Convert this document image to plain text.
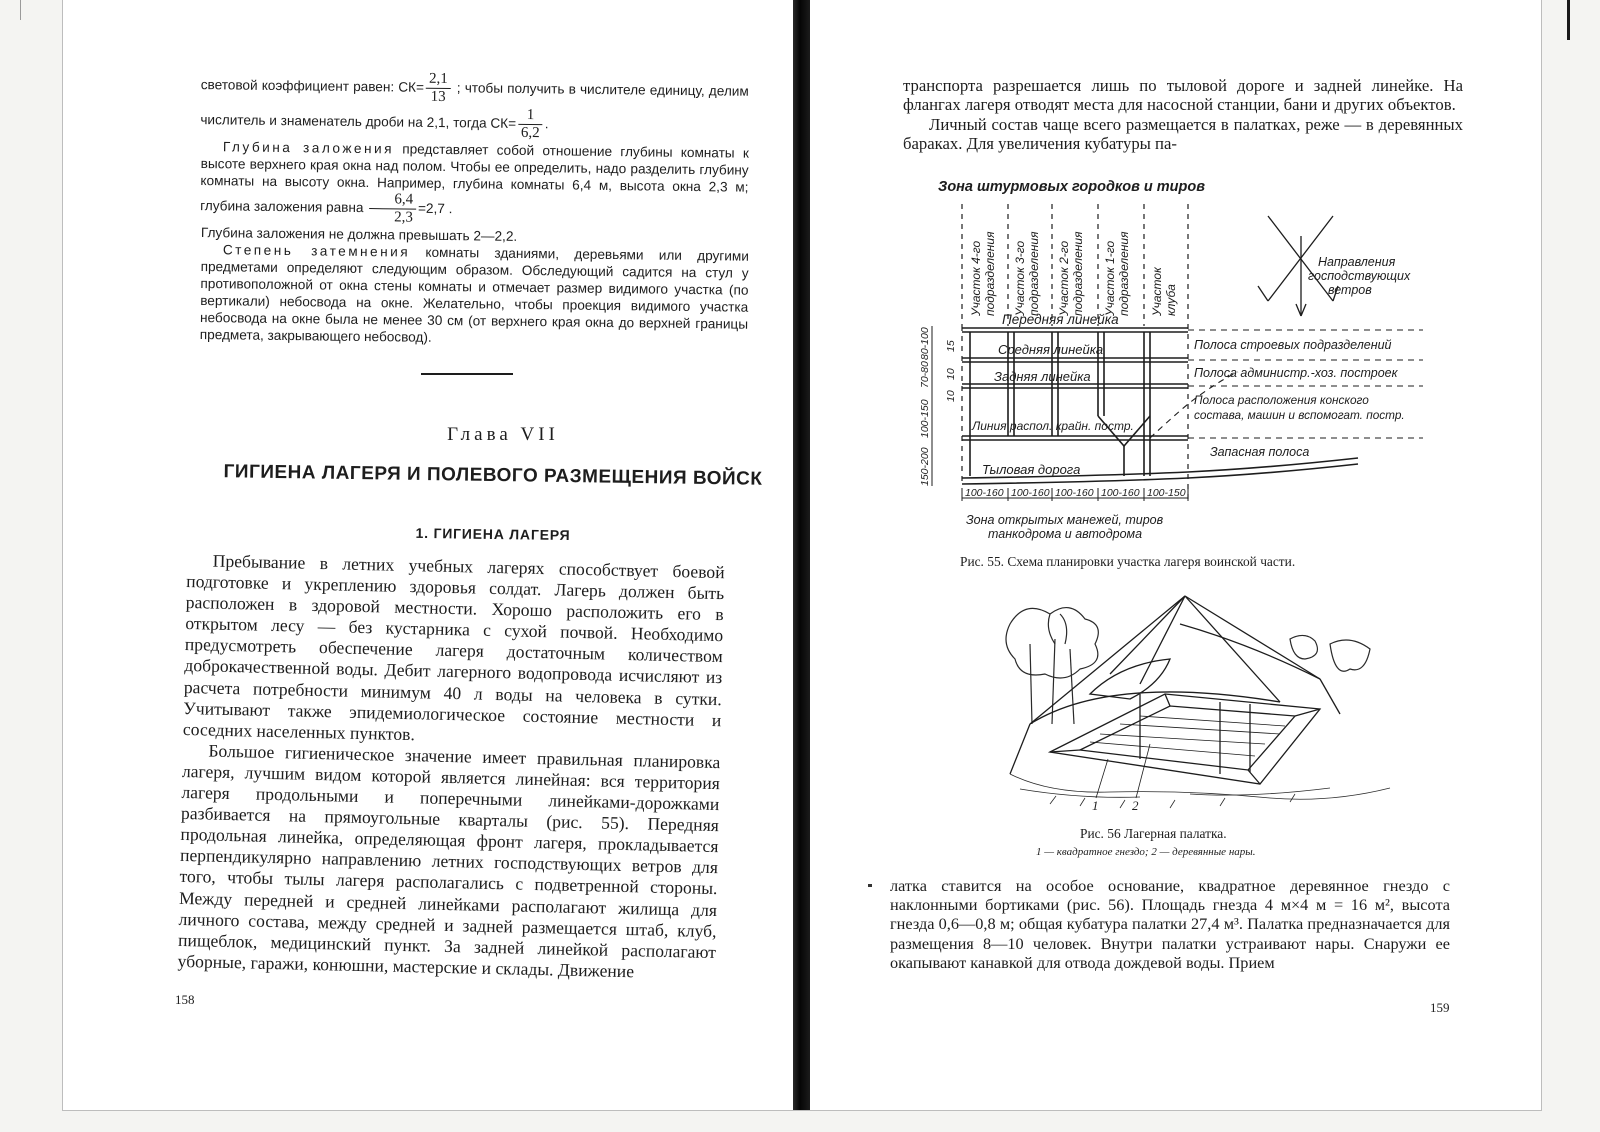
световой коэффициент равен: $СК= \frac{2,1}{13}$ ; чтобы получить в числителе единицу, делим числитель и знаменатель дроби на 2,1, тогда $СК= \frac{1}{6,2}$ .

Глубина заложения представляет собой отношение глубины комнаты к высоте верхнего края окна над полом. Чтобы ее определить, надо разделить глубину комнаты на высоту окна. Например, глубина комнаты 6,4 м, высота окна 2,3 м; глубина заложения равна $\frac{6,4}{2,3} =2,7$ .

Глубина заложения не должна превышать 2—2,2.

Степень затемнения комнаты зданиями, деревьями или другими предметами определяют следующим образом. Обследующий садится на стул у противоположной от окна стены комнаты и отмечает размер видимого участка (по вертикали) небосвода на окне. Желательно, чтобы проекция видимого участка небосвода на окне была не менее 30 см (от верхнего края окна до верхней границы предмета, закрывающего небосвод).

Глава VII

ГИГИЕНА ЛАГЕРЯ И ПОЛЕВОГО РАЗМЕЩЕНИЯ ВОЙСК

1. ГИГИЕНА ЛАГЕРЯ

Пребывание в летних учебных лагерях способствует боевой подготовке и укреплению здоровья солдат. Лагерь должен быть расположен в здоровой местности. Хорошо расположить его в открытом лесу — без кустарника с сухой почвой. Необходимо предусмотреть обеспечение лагеря достаточным количеством доброкачественной воды. Дебит лагерного водопровода исчисляют из расчета потребности минимум 40 л воды на человека в сутки. Учитывают также эпидемиологическое состояние местности и соседних населенных пунктов.

Большое гигиеническое значение имеет правильная планировка лагеря, лучшим видом которой является линейная: вся территория лагеря продольными и поперечными линейками-дорожками разбивается на прямоугольные кварталы (рис. 55). Передняя продольная линейка, определяющая фронт лагеря, прокладывается перпендикулярно направлению летних господствующих ветров для того, чтобы тылы лагеря располагались с подветренной стороны. Между передней и средней линейками располагают жилища для личного состава, между средней и задней размещается штаб, клуб, пищеблок, медицинский пункт. За задней линейкой располагают уборные, гаражи, конюшни, мастерские и склады. Движение

158

транспорта разрешается лишь по тыловой дороге и задней линейке. На флангах лагеря отводят места для насосной станции, бани и других объектов.

Личный состав чаще всего размещается в палатках, реже — в деревянных бараках. Для увеличения кубатуры па-

Зона штурмовых городков и тиров
Участок 4-го подразделения Участок 3-го подразделения Участок 2-го подразделения Участок 1-го подразделения Участок клуба
Направления
господствующих
ветров
Передняя линейка
Средняя линейка
Задняя линейка
Линия распол. крайн. постр.
Тыловая дорога
Полоса строевых подразделений
Полоса администр.-хоз. построек
Полоса расположения конского
состава, машин и вспомогат. постр.
Запасная полоса
150-200
100-150
70-80
80-100 15
10
10
100-160 100-160 100-160 100-160 100-150
Зона открытых манежей, тиров
танкодрома и автодрома

Рис. 55. Схема планировки участка лагеря воинской части.

1	2

Рис. 56 Лагерная палатка.

1 — квадратное гнездо; 2 — деревянные нары.

латка ставится на особое основание, квадратное деревянное гнездо с наклонными бортиками (рис. 56). Площадь гнезда 4 м×4 м = 16 м², высота гнезда 0,6—0,8 м; общая кубатура палатки 27,4 м³. Палатка предназначается для размещения 8—10 человек. Внутри палатки устраивают нары. Снаружи ее окапывают канавкой для отвода дождевой воды. Прием

159
